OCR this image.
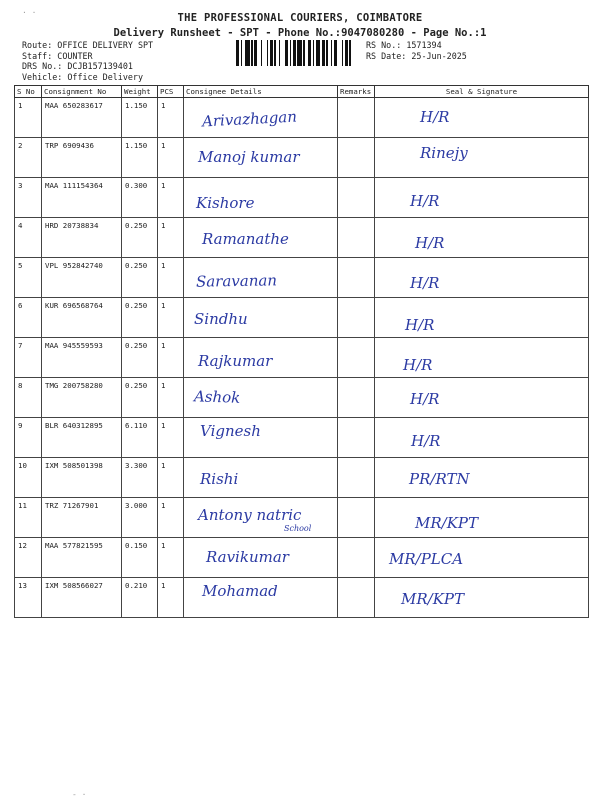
· ·
- ·
THE PROFESSIONAL COURIERS, COIMBATORE
Delivery Runsheet - SPT - Phone No.:9047080280 - Page No.:1
Route: OFFICE DELIVERY SPT
Staff: COUNTER
DRS No.: DCJB157139401
Vehicle: Office Delivery
RS No.: 1571394
RS Date: 25-Jun-2025
S No	Consignment No	Weight	PCS	Consignee Details	Remarks	Seal & Signature
1	MAA 650283617	1.150	1	Arivazhagan		H/R

2	TRP 6909436	1.150	1	Manoj kumar		Rinejy

3	MAA 111154364	0.300	1	Kishore		H/R

4	HRD 20738834	0.250	1	Ramanathe		H/R

5	VPL 952842740	0.250	1	Saravanan		H/R

6	KUR 696568764	0.250	1	Sindhu		H/R

7	MAA 945559593	0.250	1	Rajkumar		H/R

8	TMG 200758280	0.250	1	Ashok		H/R

9	BLR 640312895	6.110	1	Vignesh		H/R

10	IXM 508501398	3.300	1	Rishi		PR/RTN

11	TRZ 71267901	3.000	1	Antony natric
School		MR/KPT

12	MAA 577821595	0.150	1	Ravikumar		MR/PLCA

13	IXM 508566027	0.210	1	Mohamad		MR/KPT
